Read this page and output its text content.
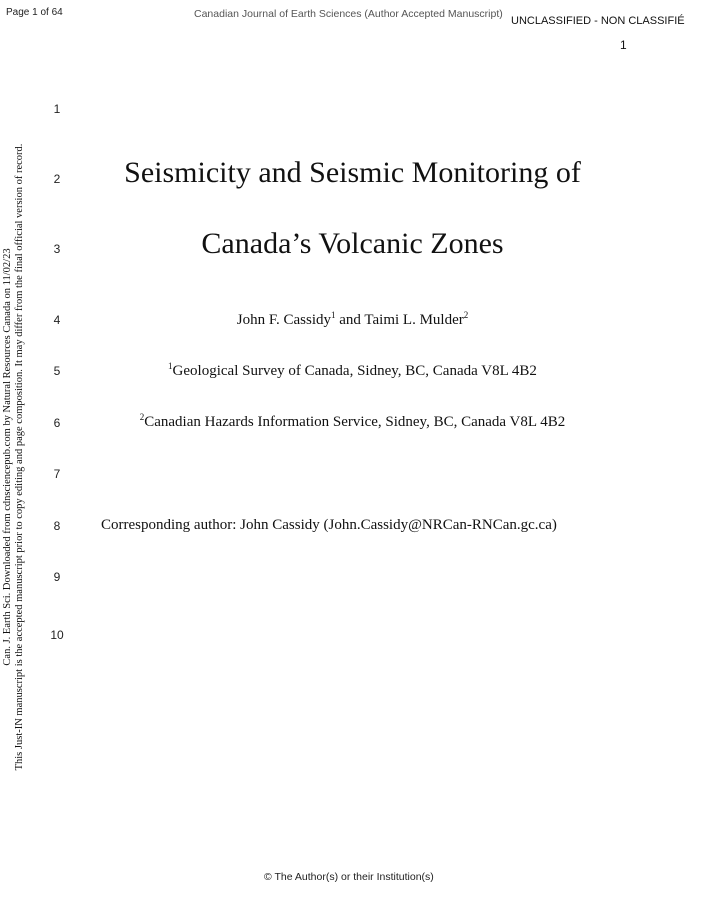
Page 1 of 64	Canadian Journal of Earth Sciences (Author Accepted Manuscript)
UNCLASSIFIED - NON CLASSIFIÉ
1
Can. J. Earth Sci. Downloaded from cdnsciencepub.com by Natural Resources Canada on 11/02/23 This Just-IN manuscript is the accepted manuscript prior to copy editing and page composition. It may differ from the final official version of record.
1
2
3
4
5
6
7
8
9
10
Seismicity and Seismic Monitoring of
Canada’s Volcanic Zones
John F. Cassidy$^1$ and Taimi L. Mulder$^2$
$^1$Geological Survey of Canada, Sidney, BC, Canada V8L 4B2
$^2$Canadian Hazards Information Service, Sidney, BC, Canada V8L 4B2
Corresponding author: John Cassidy (John.Cassidy@NRCan-RNCan.gc.ca)
© The Author(s) or their Institution(s)
